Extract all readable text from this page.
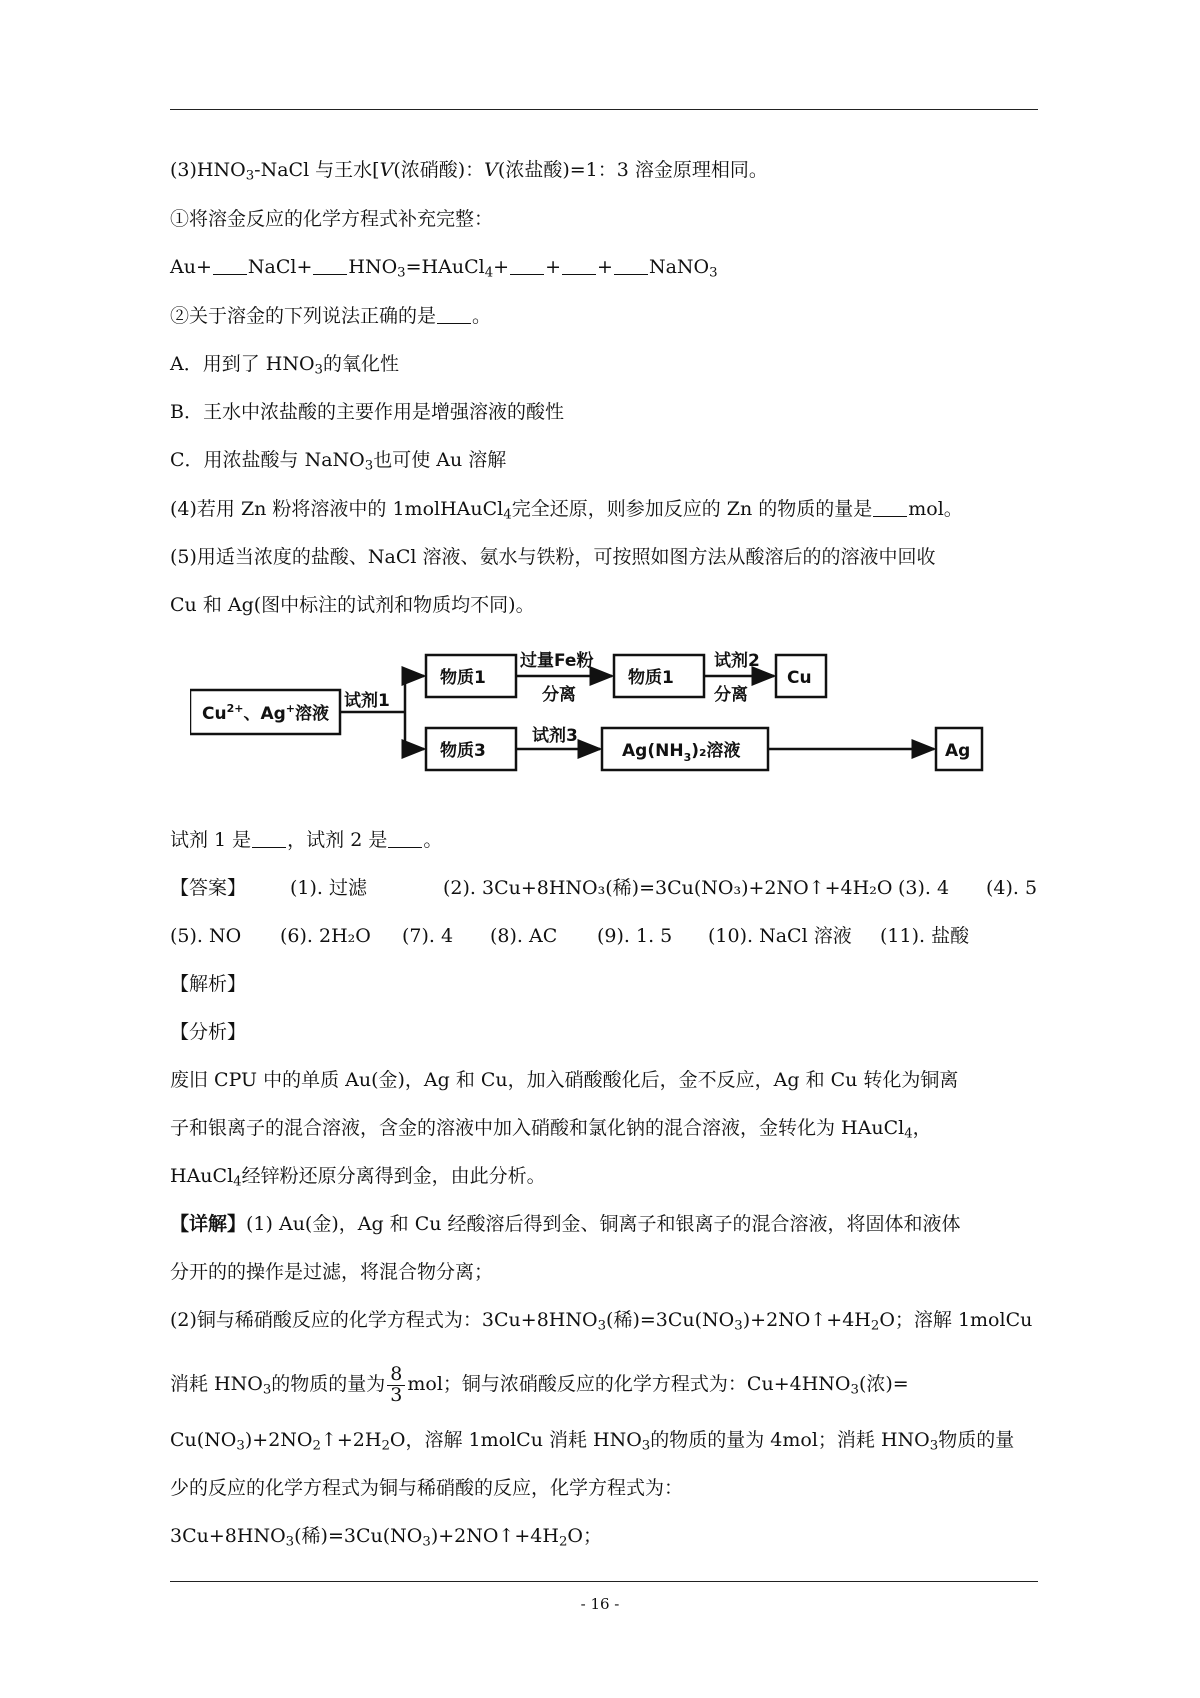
$(3)HNO_3$-NaCl 与王水[V(浓硝酸)：V(浓盐酸)=1：3 溶金原理相同。
①将溶金反应的化学方程式补充完整：
Au+ NaCl+ $HNO_3=HAuCl_4+$ + + NaNO$_3$
②关于溶金的下列说法正确的是 。
A．用到了 $HNO_3$的氧化性
B．王水中浓盐酸的主要作用是增强溶液的酸性
C．用浓盐酸与 NaNO$_3$也可使 Au 溶解
(4)若用 Zn 粉将溶液中的 1molHAuCl$_4$完全还原，则参加反应的 Zn 的物质的量是 mol。
(5)用适当浓度的盐酸、NaCl 溶液、氨水与铁粉，可按照如图方法从酸溶后的的溶液中回收
Cu 和 Ag(图中标注的试剂和物质均不同)。
$Cu^{2+}$、Ag+溶液
试剂1
物质1
过量Fe粉
分离
物质1
试剂2
分离
Cu
物质3
试剂3
$Ag(NH_3)_2$溶液	Ag
试剂 1 是 ，试剂 2 是 。
【答案】 (1). 过滤	(2). 3Cu+8HNO₃(稀)=3Cu(NO₃)+2NO↑+4H₂O (3). 4 (4). 5
(5). NO (6). 2H₂O (7). 4 (8). AC (9). 1. 5 (10). NaCl 溶液 (11). 盐酸
【解析】
【分析】
废旧 CPU 中的单质 Au(金)，Ag 和 Cu，加入硝酸酸化后，金不反应，Ag 和 Cu 转化为铜离
子和银离子的混合溶液，含金的溶液中加入硝酸和氯化钠的混合溶液，金转化为 HAuCl$_4$，
HAuCl$_4$经锌粉还原分离得到金，由此分析。
【详解】(1) Au(金)，Ag 和 Cu 经酸溶后得到金、铜离子和银离子的混合溶液，将固体和液体
分开的的操作是过滤，将混合物分离；
(2)铜与稀硝酸反应的化学方程式为：$3Cu+8HNO_3$(稀)$=3Cu(NO_3)+2NO↑+4H_2O$；溶解 1molCu
消耗 $HNO_3$的物质的量为 $\frac{8}{3}$ mol；铜与浓硝酸反应的化学方程式为：$Cu+4HNO_3$(浓)=
$Cu(NO_3)+2NO_2↑+2H_2O$，溶解 1molCu 消耗 $HNO_3$的物质的量为 4mol；消耗 $HNO_3$物质的量
少的反应的化学方程式为铜与稀硝酸的反应，化学方程式为：
$3Cu+8HNO_3$(稀)$=3Cu(NO_3)+2NO↑+4H_2O$；
- 16 -
